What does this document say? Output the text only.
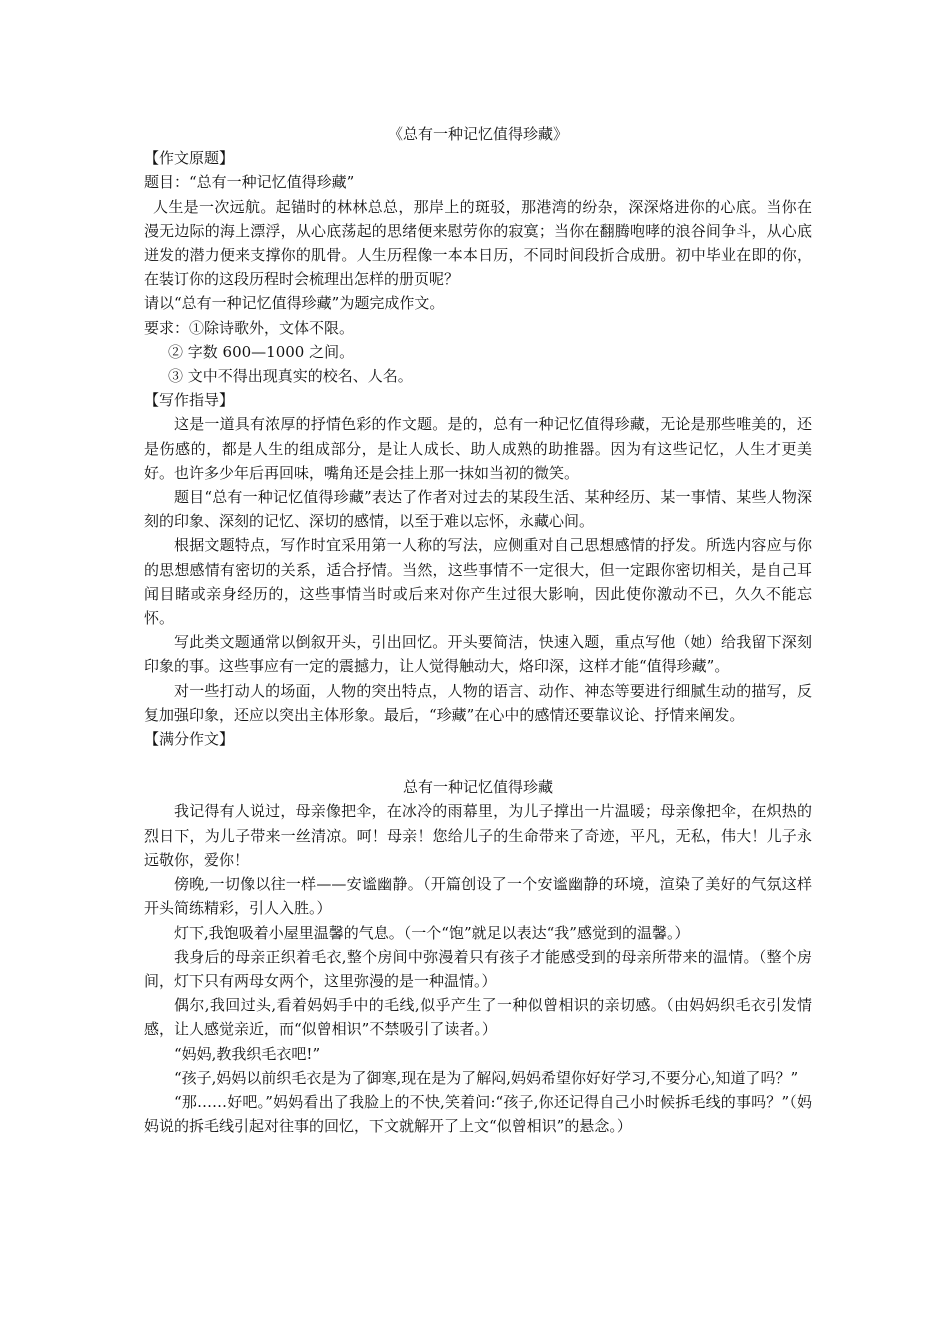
《总有一种记忆值得珍藏》

【作文原题】

题目：“总有一种记忆值得珍藏”

人生是一次远航。起锚时的林林总总，那岸上的斑驳，那港湾的纷杂，深深烙进你的心底。当你在漫无边际的海上漂浮，从心底荡起的思绪便来慰劳你的寂寞；当你在翻腾咆哮的浪谷间争斗，从心底迸发的潜力便来支撑你的肌骨。人生历程像一本本日历，不同时间段折合成册。初中毕业在即的你，在装订你的这段历程时会梳理出怎样的册页呢？

请以“总有一种记忆值得珍藏”为题完成作文。

要求：①除诗歌外，文体不限。

② 字数 600—1000 之间。

③ 文中不得出现真实的校名、人名。

【写作指导】

这是一道具有浓厚的抒情色彩的作文题。是的，总有一种记忆值得珍藏，无论是那些唯美的，还是伤感的，都是人生的组成部分，是让人成长、助人成熟的助推器。因为有这些记忆，人生才更美好。也许多少年后再回味，嘴角还是会挂上那一抹如当初的微笑。

题目“总有一种记忆值得珍藏”表达了作者对过去的某段生活、某种经历、某一事情、某些人物深刻的印象、深刻的记忆、深切的感情，以至于难以忘怀，永藏心间。

根据文题特点，写作时宜采用第一人称的写法，应侧重对自己思想感情的抒发。所选内容应与你的思想感情有密切的关系，适合抒情。当然，这些事情不一定很大，但一定跟你密切相关，是自己耳闻目睹或亲身经历的，这些事情当时或后来对你产生过很大影响，因此使你激动不已，久久不能忘怀。

写此类文题通常以倒叙开头，引出回忆。开头要简洁，快速入题，重点写他（她）给我留下深刻印象的事。这些事应有一定的震撼力，让人觉得触动大，烙印深，这样才能“值得珍藏”。

对一些打动人的场面，人物的突出特点，人物的语言、动作、神态等要进行细腻生动的描写，反复加强印象，还应以突出主体形象。最后，“珍藏”在心中的感情还要靠议论、抒情来阐发。

【满分作文】

总有一种记忆值得珍藏

我记得有人说过，母亲像把伞，在冰冷的雨幕里，为儿子撑出一片温暖；母亲像把伞，在炽热的烈日下，为儿子带来一丝清凉。呵！母亲！您给儿子的生命带来了奇迹，平凡，无私，伟大！儿子永远敬你，爱你！

傍晚,一切像以往一样——安谧幽静。（开篇创设了一个安谧幽静的环境，渲染了美好的气氛这样开头简练精彩，引人入胜。）

灯下,我饱吸着小屋里温馨的气息。（一个“饱”就足以表达“我”感觉到的温馨。）

我身后的母亲正织着毛衣,整个房间中弥漫着只有孩子才能感受到的母亲所带来的温情。（整个房间，灯下只有两母女两个，这里弥漫的是一种温情。）

偶尔,我回过头,看着妈妈手中的毛线,似乎产生了一种似曾相识的亲切感。（由妈妈织毛衣引发情感，让人感觉亲近，而“似曾相识”不禁吸引了读者。）

“妈妈,教我织毛衣吧!”

“孩子,妈妈以前织毛衣是为了御寒,现在是为了解闷,妈妈希望你好好学习,不要分心,知道了吗？”

“那……好吧。”妈妈看出了我脸上的不快,笑着问:“孩子,你还记得自己小时候拆毛线的事吗？”（妈妈说的拆毛线引起对往事的回忆，下文就解开了上文“似曾相识”的悬念。）
